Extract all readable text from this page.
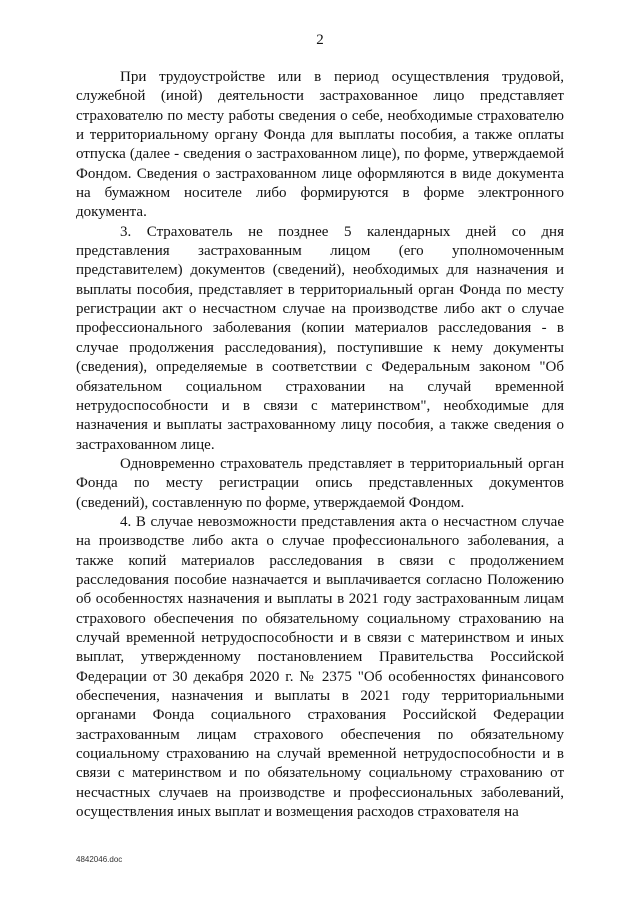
2

При трудоустройстве или в период осуществления трудовой, служебной (иной) деятельности застрахованное лицо представляет страхователю по месту работы сведения о себе, необходимые страхователю и территориальному органу Фонда для выплаты пособия, а также оплаты отпуска (далее - сведения о застрахованном лице), по форме, утверждаемой Фондом. Сведения о застрахованном лице оформляются в виде документа на бумажном носителе либо формируются в форме электронного документа.

3. Страхователь не позднее 5 календарных дней со дня представления застрахованным лицом (его уполномоченным представителем) документов (сведений), необходимых для назначения и выплаты пособия, представляет в территориальный орган Фонда по месту регистрации акт о несчастном случае на производстве либо акт о случае профессионального заболевания (копии материалов расследования - в случае продолжения расследования), поступившие к нему документы (сведения), определяемые в соответствии с Федеральным законом "Об обязательном социальном страховании на случай временной нетрудоспособности и в связи с материнством", необходимые для назначения и выплаты застрахованному лицу пособия, а также сведения о застрахованном лице.

Одновременно страхователь представляет в территориальный орган Фонда по месту регистрации опись представленных документов (сведений), составленную по форме, утверждаемой Фондом.

4. В случае невозможности представления акта о несчастном случае на производстве либо акта о случае профессионального заболевания, а также копий материалов расследования в связи с продолжением расследования пособие назначается и выплачивается согласно Положению об особенностях назначения и выплаты в 2021 году застрахованным лицам страхового обеспечения по обязательному социальному страхованию на случай временной нетрудоспособности и в связи с материнством и иных выплат, утвержденному постановлением Правительства Российской Федерации от 30 декабря 2020 г. № 2375 "Об особенностях финансового обеспечения, назначения и выплаты в 2021 году территориальными органами Фонда социального страхования Российской Федерации застрахованным лицам страхового обеспечения по обязательному социальному страхованию на случай временной нетрудоспособности и в связи с материнством и по обязательному социальному страхованию от несчастных случаев на производстве и профессиональных заболеваний, осуществления иных выплат и возмещения расходов страхователя на

4842046.doc
